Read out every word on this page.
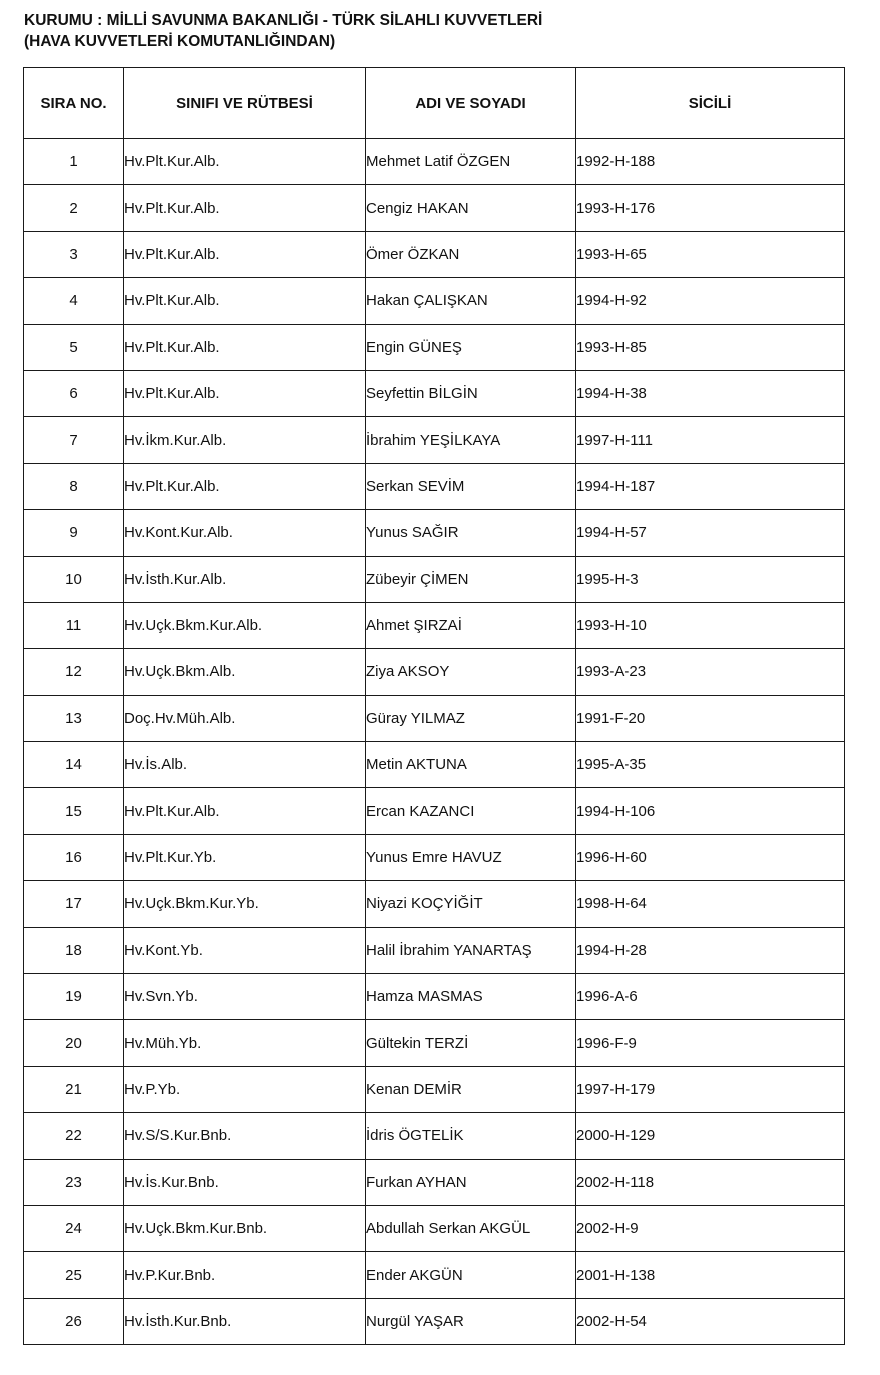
KURUMU : MİLLİ SAVUNMA BAKANLIĞI - TÜRK SİLAHLI KUVVETLERİ
(HAVA KUVVETLERİ KOMUTANLIĞINDAN)
SIRA NO.	SINIFI VE RÜTBESİ	ADI VE SOYADI	SİCİLİ
1	Hv.Plt.Kur.Alb.	Mehmet Latif ÖZGEN	1992-H-188
2	Hv.Plt.Kur.Alb.	Cengiz HAKAN	1993-H-176
3	Hv.Plt.Kur.Alb.	Ömer ÖZKAN	1993-H-65
4	Hv.Plt.Kur.Alb.	Hakan ÇALIŞKAN	1994-H-92
5	Hv.Plt.Kur.Alb.	Engin GÜNEŞ	1993-H-85
6	Hv.Plt.Kur.Alb.	Seyfettin BİLGİN	1994-H-38
7	Hv.İkm.Kur.Alb.	İbrahim YEŞİLKAYA	1997-H-111
8	Hv.Plt.Kur.Alb.	Serkan SEVİM	1994-H-187
9	Hv.Kont.Kur.Alb.	Yunus SAĞIR	1994-H-57
10	Hv.İsth.Kur.Alb.	Zübeyir ÇİMEN	1995-H-3
11	Hv.Uçk.Bkm.Kur.Alb.	Ahmet ŞIRZAİ	1993-H-10
12	Hv.Uçk.Bkm.Alb.	Ziya AKSOY	1993-A-23
13	Doç.Hv.Müh.Alb.	Güray YILMAZ	1991-F-20
14	Hv.İs.Alb.	Metin AKTUNA	1995-A-35
15	Hv.Plt.Kur.Alb.	Ercan KAZANCI	1994-H-106
16	Hv.Plt.Kur.Yb.	Yunus Emre HAVUZ	1996-H-60
17	Hv.Uçk.Bkm.Kur.Yb.	Niyazi KOÇYİĞİT	1998-H-64
18	Hv.Kont.Yb.	Halil İbrahim YANARTAŞ	1994-H-28
19	Hv.Svn.Yb.	Hamza MASMAS	1996-A-6
20	Hv.Müh.Yb.	Gültekin TERZİ	1996-F-9
21	Hv.P.Yb.	Kenan DEMİR	1997-H-179
22	Hv.S/S.Kur.Bnb.	İdris ÖGTELİK	2000-H-129
23	Hv.İs.Kur.Bnb.	Furkan AYHAN	2002-H-118
24	Hv.Uçk.Bkm.Kur.Bnb.	Abdullah Serkan AKGÜL	2002-H-9
25	Hv.P.Kur.Bnb.	Ender AKGÜN	2001-H-138
26	Hv.İsth.Kur.Bnb.	Nurgül YAŞAR	2002-H-54
